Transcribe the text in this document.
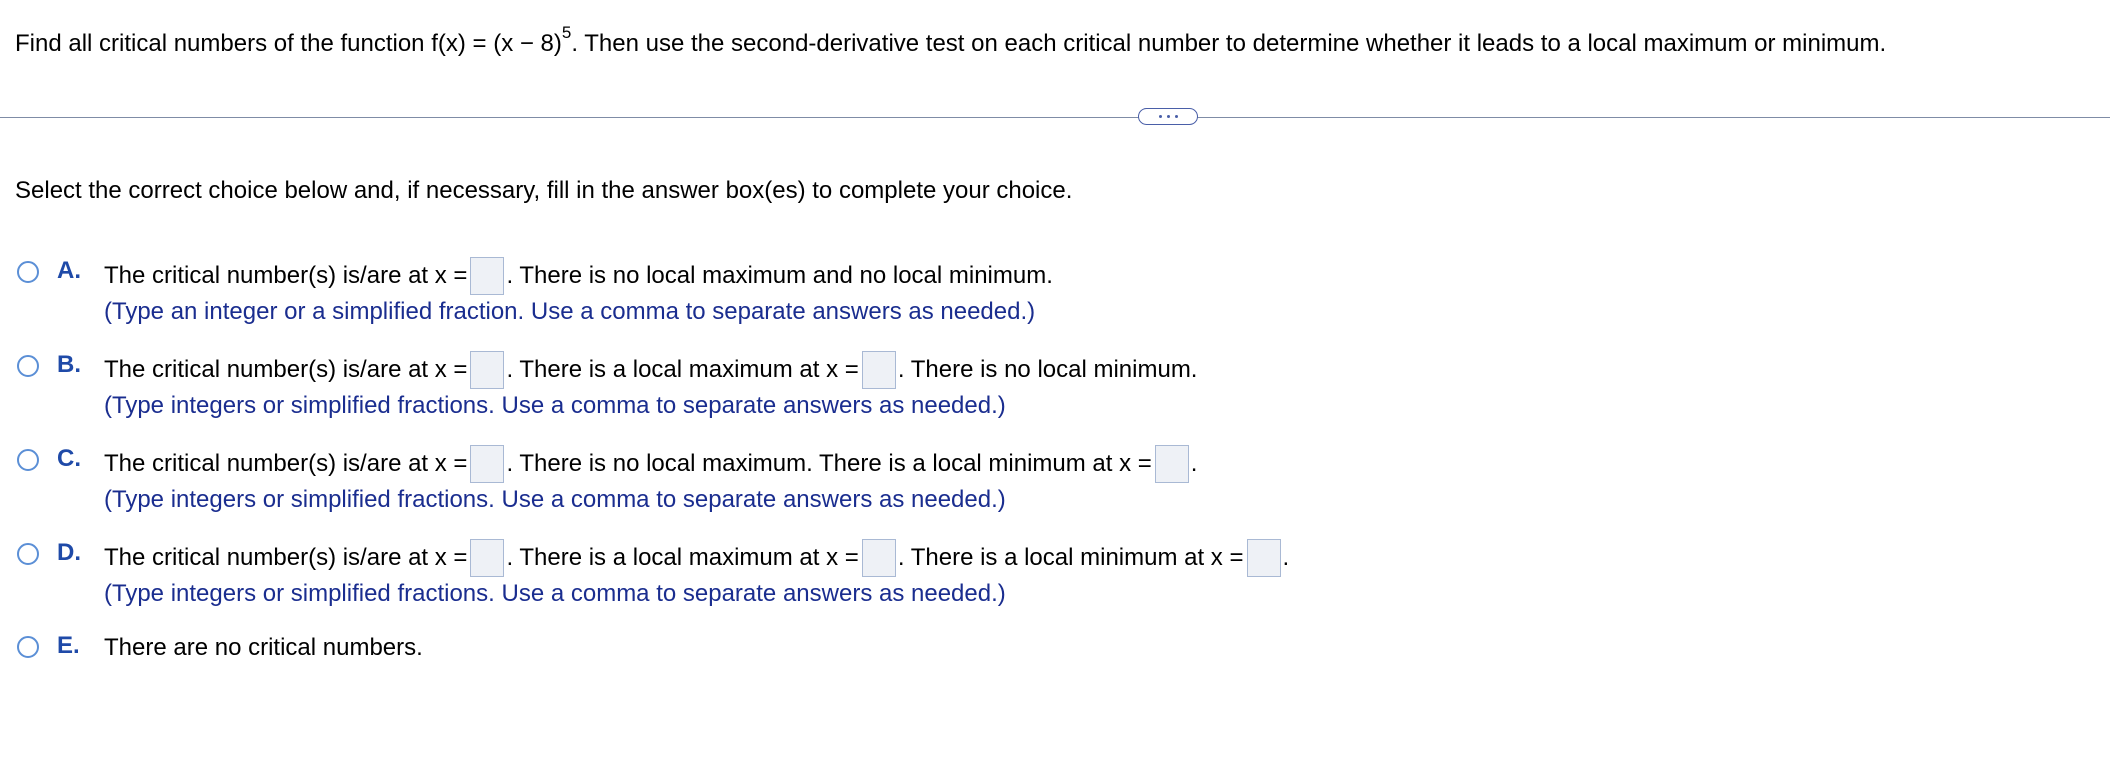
Find all critical numbers of the function $f(x) = (x - 8)^5$. Then use the second-derivative test on each critical number to determine whether it leads to a local maximum or minimum.
Select the correct choice below and, if necessary, fill in the answer box(es) to complete your choice.
A. The critical number(s) is/are at x = . There is no local maximum and no local minimum.
(Type an integer or a simplified fraction. Use a comma to separate answers as needed.)
B. The critical number(s) is/are at x = . There is a local maximum at x = . There is no local minimum.
(Type integers or simplified fractions. Use a comma to separate answers as needed.)
C. The critical number(s) is/are at x = . There is no local maximum. There is a local minimum at x = .
(Type integers or simplified fractions. Use a comma to separate answers as needed.)
D. The critical number(s) is/are at x = . There is a local maximum at x = . There is a local minimum at x = .
(Type integers or simplified fractions. Use a comma to separate answers as needed.)
E. There are no critical numbers.
